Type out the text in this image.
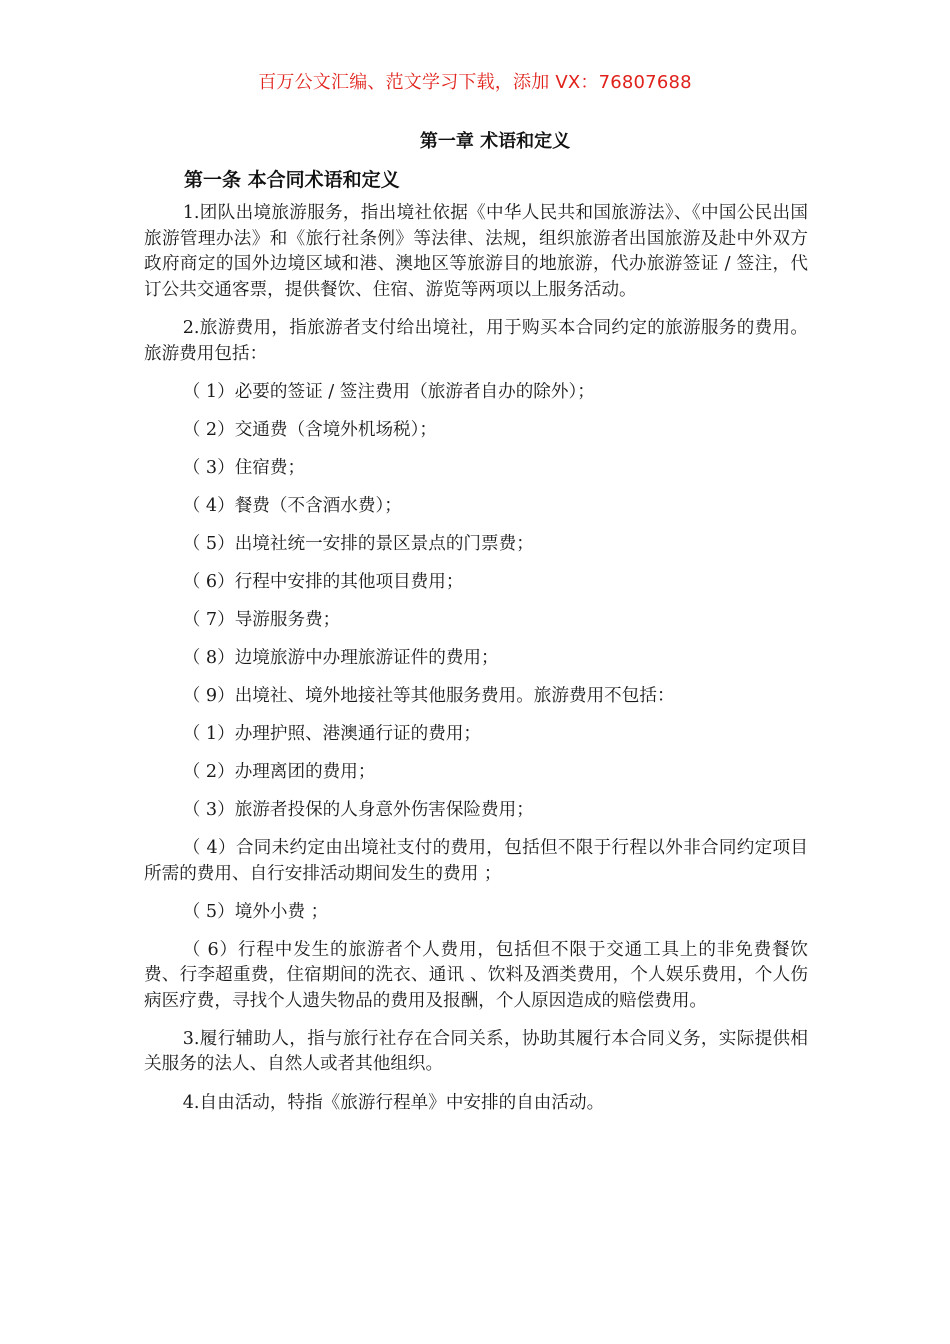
百万公文汇编、范文学习下载，添加 VX：76807688
第一章 术语和定义
第一条 本合同术语和定义

1.团队出境旅游服务，指出境社依据《中华人民共和国旅游法》、《中国公民出国旅游管理办法》和《旅行社条例》等法律、法规，组织旅游者出国旅游及赴中外双方政府商定的国外边境区域和港、澳地区等旅游目的地旅游，代办旅游签证 / 签注，代订公共交通客票，提供餐饮、住宿、游览等两项以上服务活动。

2.旅游费用，指旅游者支付给出境社，用于购买本合同约定的旅游服务的费用。旅游费用包括：

（ 1）必要的签证 / 签注费用（旅游者自办的除外）；

（ 2）交通费（含境外机场税）；

（ 3）住宿费；

（ 4）餐费（不含酒水费）；

（ 5）出境社统一安排的景区景点的门票费；

（ 6）行程中安排的其他项目费用；

（ 7）导游服务费；

（ 8）边境旅游中办理旅游证件的费用；

（ 9）出境社、境外地接社等其他服务费用。旅游费用不包括：

（ 1）办理护照、港澳通行证的费用；

（ 2）办理离团的费用；

（ 3）旅游者投保的人身意外伤害保险费用；

（ 4）合同未约定由出境社支付的费用，包括但不限于行程以外非合同约定项目所需的费用、自行安排活动期间发生的费用 ；

（ 5）境外小费 ；

（ 6）行程中发生的旅游者个人费用，包括但不限于交通工具上的非免费餐饮费、行李超重费，住宿期间的洗衣、通讯 、饮料及酒类费用，个人娱乐费用，个人伤病医疗费，寻找个人遗失物品的费用及报酬，个人原因造成的赔偿费用。

3.履行辅助人，指与旅行社存在合同关系，协助其履行本合同义务，实际提供相关服务的法人、自然人或者其他组织。

4.自由活动，特指《旅游行程单》中安排的自由活动。
